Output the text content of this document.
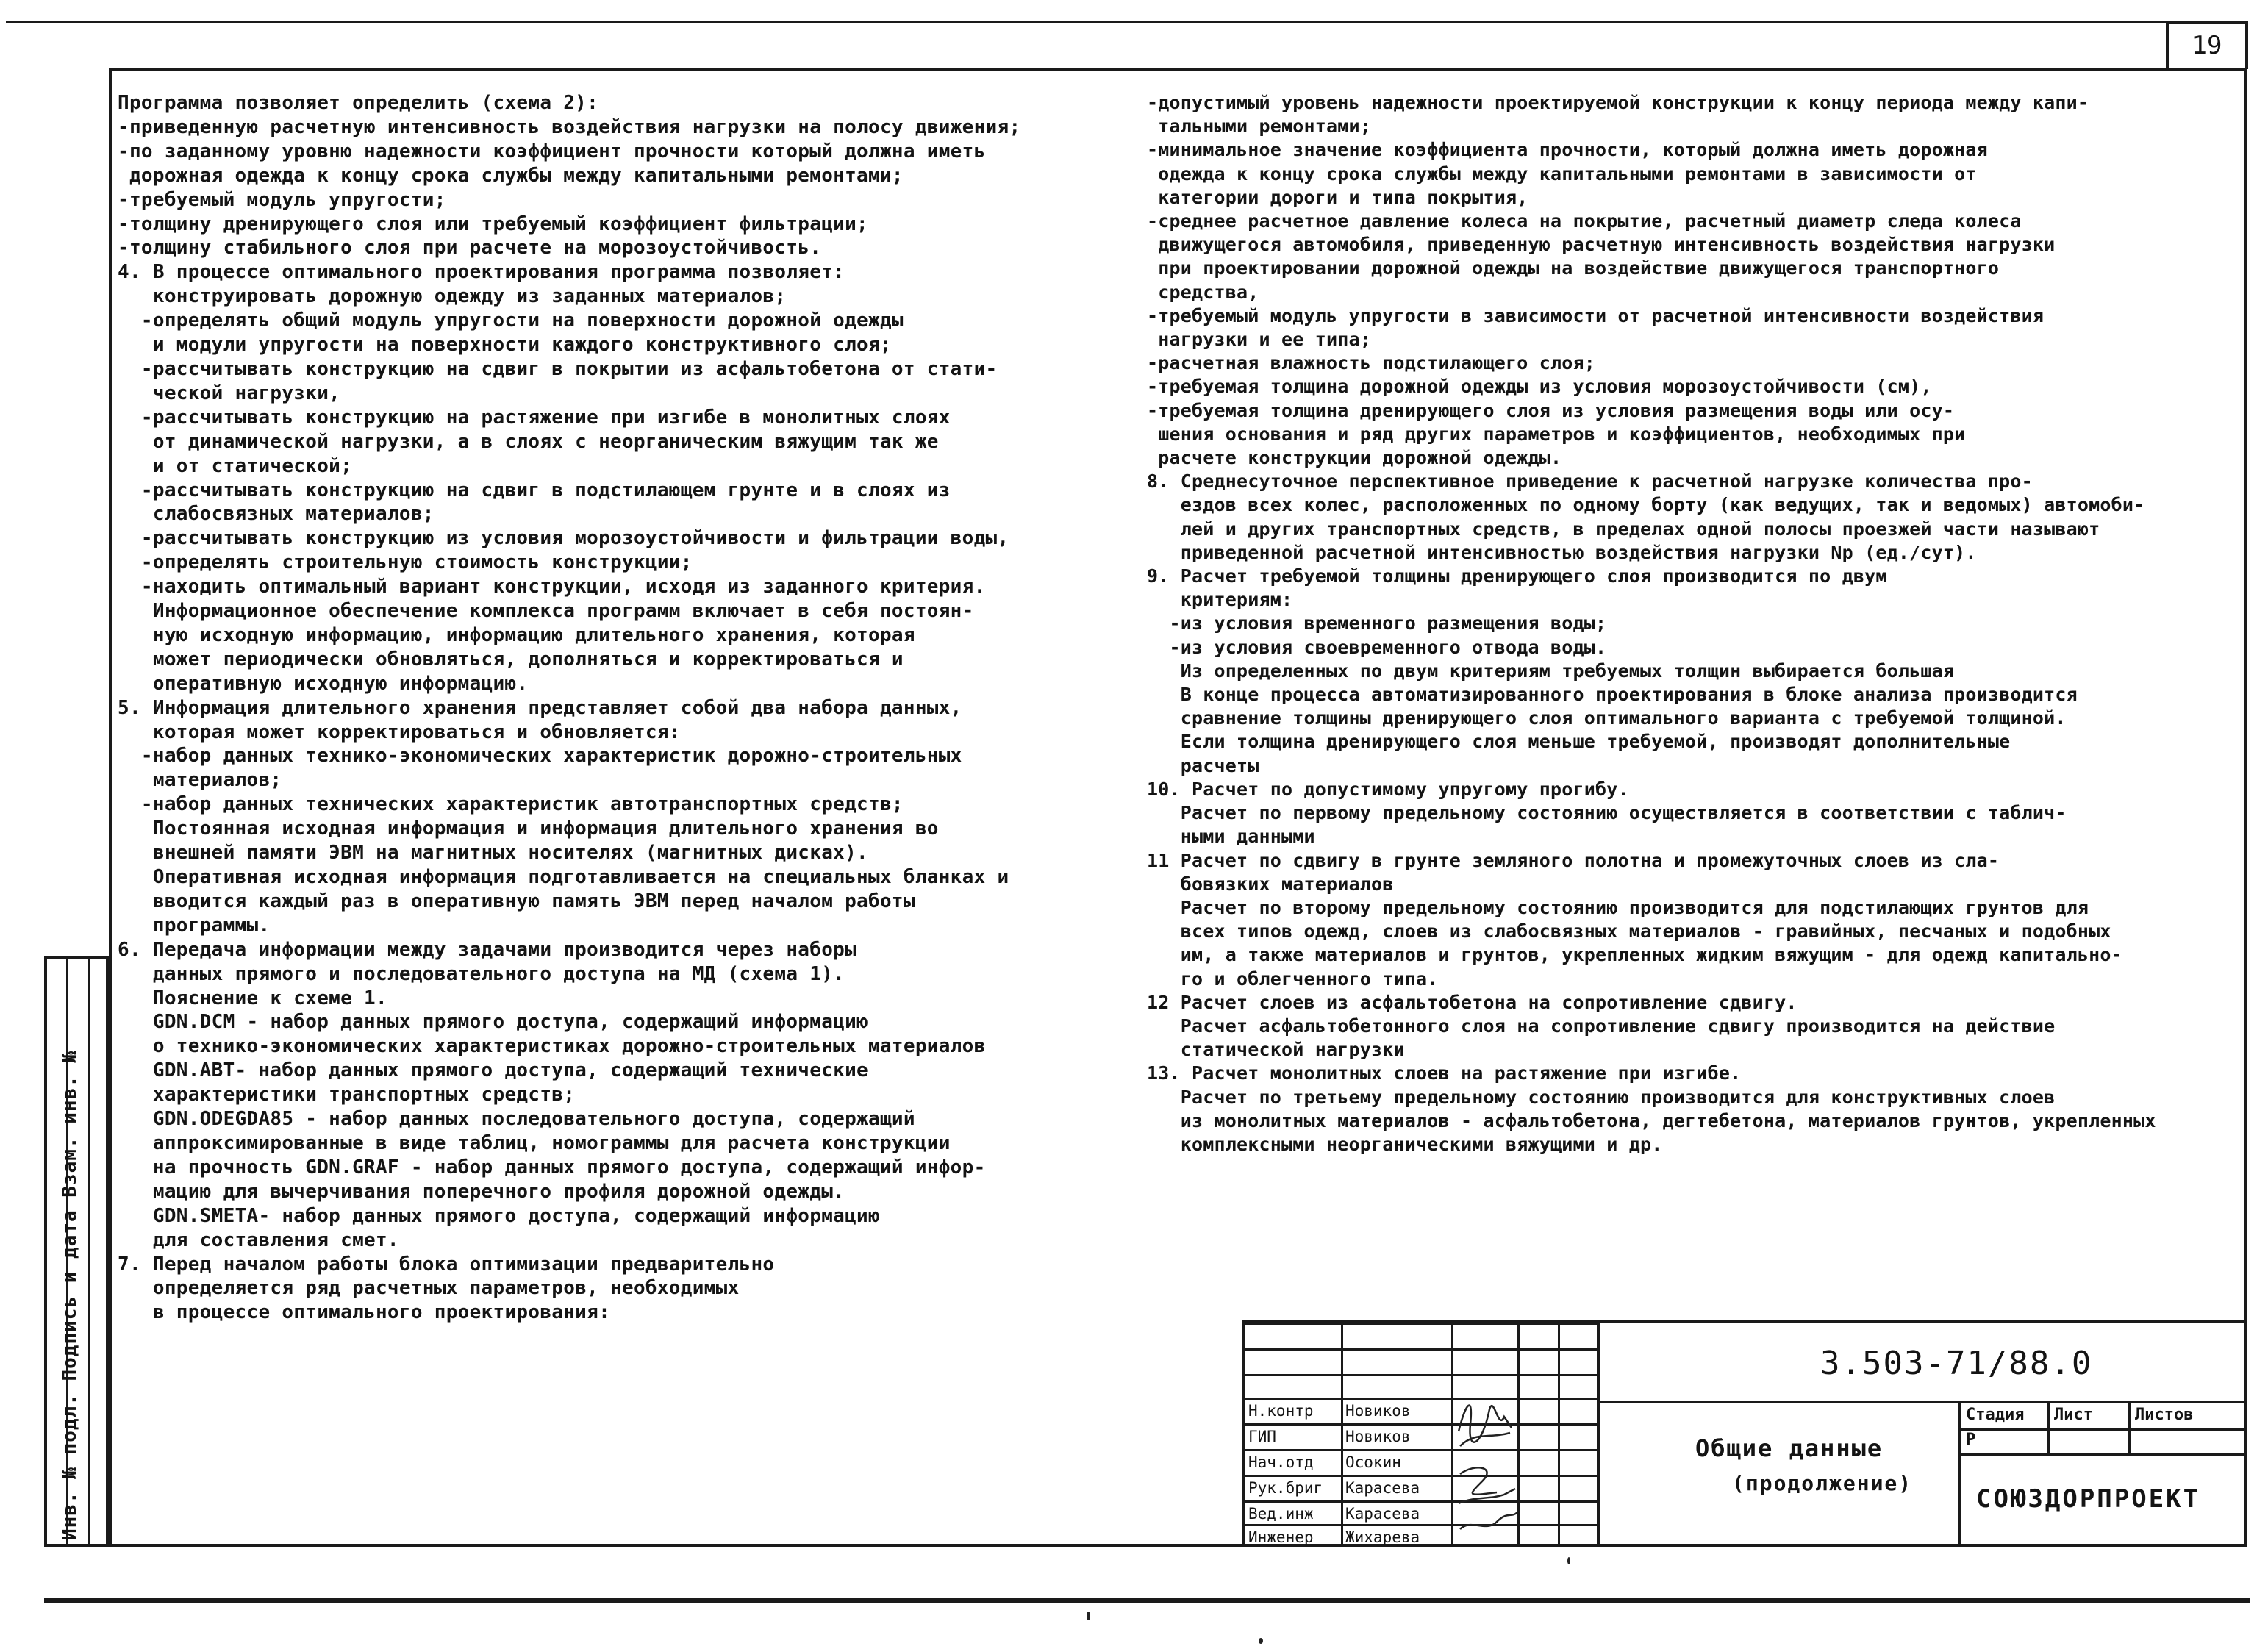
19
Инв. № подл. Подпись и дата Взам. инв. №
Программа позволяет определить (схема 2):
-приведенную расчетную интенсивность воздействия нагрузки на полосу движения;
-по заданному уровню надежности коэффициент прочности который должна иметь
дорожная одежда к концу срока службы между капитальными ремонтами;
-требуемый модуль упругости;
-толщину дренирующего слоя или требуемый коэффициент фильтрации;
-толщину стабильного слоя при расчете на морозоустойчивость.
4. В процессе оптимального проектирования программа позволяет:
конструировать дорожную одежду из заданных материалов;
-определять общий модуль упругости на поверхности дорожной одежды
и модули упругости на поверхности каждого конструктивного слоя;
-рассчитывать конструкцию на сдвиг в покрытии из асфальтобетона от стати-
ческой нагрузки,
-рассчитывать конструкцию на растяжение при изгибе в монолитных слоях
от динамической нагрузки, а в слоях с неорганическим вяжущим так же
и от статической;
-рассчитывать конструкцию на сдвиг в подстилающем грунте и в слоях из
слабосвязных материалов;
-рассчитывать конструкцию из условия морозоустойчивости и фильтрации воды,
-определять строительную стоимость конструкции;
-находить оптимальный вариант конструкции, исходя из заданного критерия.
Информационное обеспечение комплекса программ включает в себя постоян-
ную исходную информацию, информацию длительного хранения, которая
может периодически обновляться, дополняться и корректироваться и
оперативную исходную информацию.
5. Информация длительного хранения представляет собой два набора данных,
которая может корректироваться и обновляется:
-набор данных технико-экономических характеристик дорожно-строительных
материалов;
-набор данных технических характеристик автотранспортных средств;
Постоянная исходная информация и информация длительного хранения во
внешней памяти ЭВМ на магнитных носителях (магнитных дисках).
Оперативная исходная информация подготавливается на специальных бланках и
вводится каждый раз в оперативную память ЭВМ перед началом работы
программы.
6. Передача информации между задачами производится через наборы
данных прямого и последовательного доступа на МД (схема 1).
Пояснение к схеме 1.
GDN.DCM - набор данных прямого доступа, содержащий информацию
о технико-экономических характеристиках дорожно-строительных материалов
GDN.ABT- набор данных прямого доступа, содержащий технические
характеристики транспортных средств;
GDN.ODEGDA85 - набор данных последовательного доступа, содержащий
аппроксимированные в виде таблиц, номограммы для расчета конструкции
на прочность GDN.GRAF - набор данных прямого доступа, содержащий инфор-
мацию для вычерчивания поперечного профиля дорожной одежды.
GDN.SMETA- набор данных прямого доступа, содержащий информацию
для составления смет.
7. Перед началом работы блока оптимизации предварительно
определяется ряд расчетных параметров, необходимых
в процессе оптимального проектирования:
-допустимый уровень надежности проектируемой конструкции к концу периода между капи-
тальными ремонтами;
-минимальное значение коэффициента прочности, который должна иметь дорожная
одежда к концу срока службы между капитальными ремонтами в зависимости от
категории дороги и типа покрытия,
-среднее расчетное давление колеса на покрытие, расчетный диаметр следа колеса
движущегося автомобиля, приведенную расчетную интенсивность воздействия нагрузки
при проектировании дорожной одежды на воздействие движущегося транспортного
средства,
-требуемый модуль упругости в зависимости от расчетной интенсивности воздействия
нагрузки и ее типа;
-расчетная влажность подстилающего слоя;
-требуемая толщина дорожной одежды из условия морозоустойчивости (см),
-требуемая толщина дренирующего слоя из условия размещения воды или осу-
шения основания и ряд других параметров и коэффициентов, необходимых при
расчете конструкции дорожной одежды.
8. Среднесуточное перспективное приведение к расчетной нагрузке количества про-
ездов всех колес, расположенных по одному борту (как ведущих, так и ведомых) автомоби-
лей и других транспортных средств, в пределах одной полосы проезжей части называют
приведенной расчетной интенсивностью воздействия нагрузки Np (ед./сут).
9. Расчет требуемой толщины дренирующего слоя производится по двум
критериям:
-из условия временного размещения воды;
-из условия своевременного отвода воды.
Из определенных по двум критериям требуемых толщин выбирается большая
В конце процесса автоматизированного проектирования в блоке анализа производится
сравнение толщины дренирующего слоя оптимального варианта с требуемой толщиной.
Если толщина дренирующего слоя меньше требуемой, производят дополнительные
расчеты
10. Расчет по допустимому упругому прогибу.
Расчет по первому предельному состоянию осуществляется в соответствии с таблич-
ными данными
11 Расчет по сдвигу в грунте земляного полотна и промежуточных слоев из сла-
бовязких материалов
Расчет по второму предельному состоянию производится для подстилающих грунтов для
всех типов одежд, слоев из слабосвязных материалов - гравийных, песчаных и подобных
им, а также материалов и грунтов, укрепленных жидким вяжущим - для одежд капитально-
го и облегченного типа.
12 Расчет слоев из асфальтобетона на сопротивление сдвигу.
Расчет асфальтобетонного слоя на сопротивление сдвигу производится на действие
статической нагрузки
13. Расчет монолитных слоев на растяжение при изгибе.
Расчет по третьему предельному состоянию производится для конструктивных слоев
из монолитных материалов - асфальтобетона, дегтебетона, материалов грунтов, укрепленных
комплексными неорганическими вяжущими и др.
Н.контр	Новиков
ГИП	Новиков
Нач.отд	Осокин
Рук.бриг	Карасева
Вед.инж	Карасева
Инженер	Жихарева
3.503-71/88.0
Общие данные
(продолжение)
Стадия	Лист	Листов
Р
СОЮЗДОРПРОЕКТ
